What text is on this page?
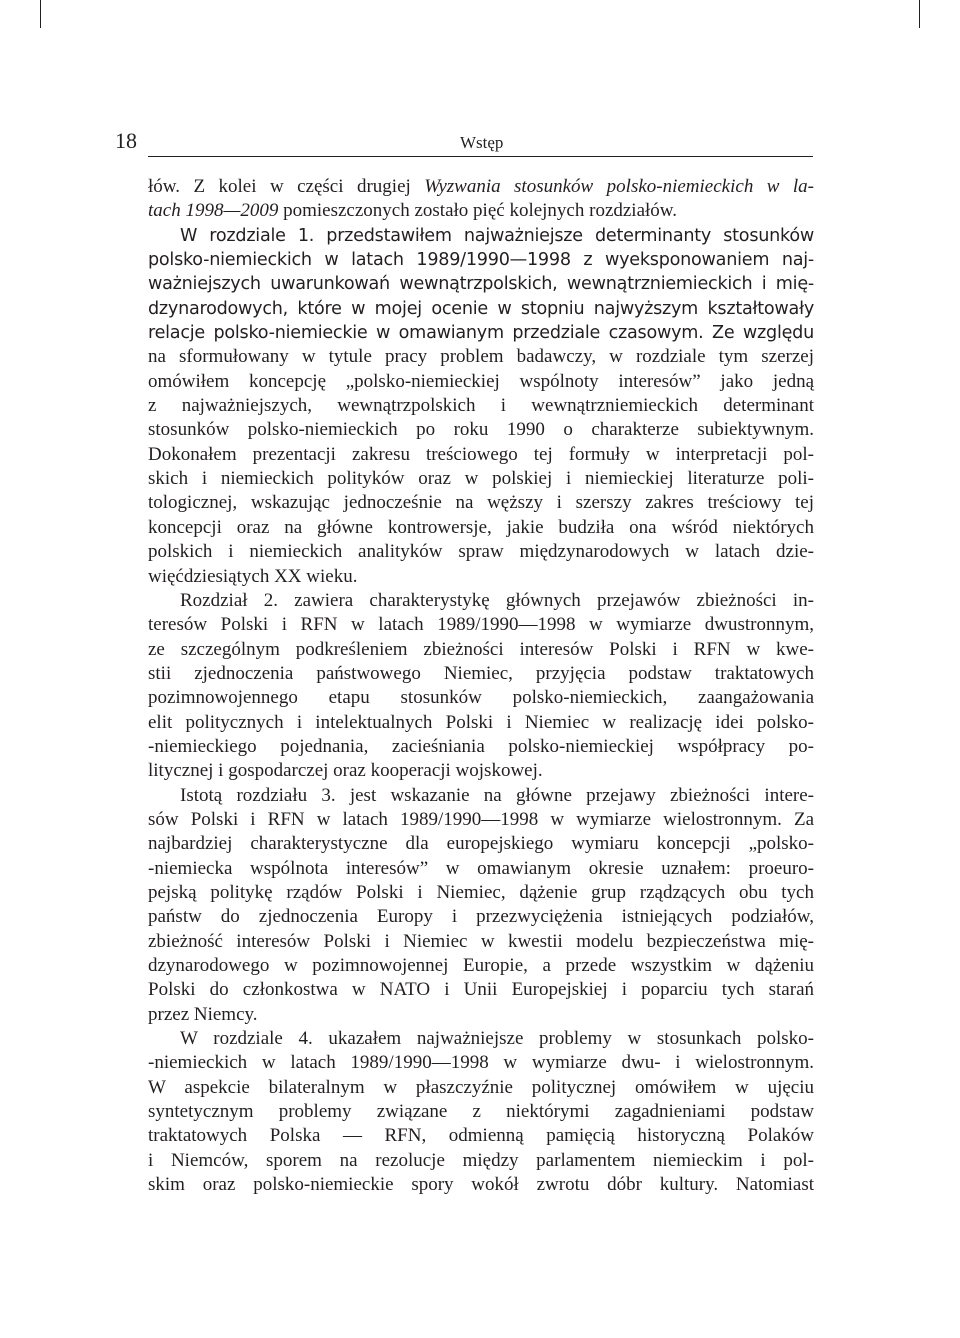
18	Wstęp
łów. Z kolei w części drugiej Wyzwania stosunków polsko-niemieckich w la-
tach 1998—2009 pomieszczonych zostało pięć kolejnych rozdziałów.
W rozdziale 1. przedstawiłem najważniejsze determinanty stosunków
polsko-niemieckich w latach 1989/1990—1998 z wyeksponowaniem naj-
ważniejszych uwarunkowań wewnątrzpolskich, wewnątrzniemieckich i mię-
dzynarodowych, które w mojej ocenie w stopniu najwyższym kształtowały
relacje polsko-niemieckie w omawianym przedziale czasowym. Ze względu
na sformułowany w tytule pracy problem badawczy, w rozdziale tym szerzej
omówiłem koncepcję „polsko-niemieckiej wspólnoty interesów” jako jedną
z najważniejszych, wewnątrzpolskich i wewnątrzniemieckich determinant
stosunków polsko-niemieckich po roku 1990 o charakterze subiektywnym.
Dokonałem prezentacji zakresu treściowego tej formuły w interpretacji pol-
skich i niemieckich polityków oraz w polskiej i niemieckiej literaturze poli-
tologicznej, wskazując jednocześnie na węższy i szerszy zakres treściowy tej
koncepcji oraz na główne kontrowersje, jakie budziła ona wśród niektórych
polskich i niemieckich analityków spraw międzynarodowych w latach dzie-
więćdziesiątych XX wieku.
Rozdział 2. zawiera charakterystykę głównych przejawów zbieżności in-
teresów Polski i RFN w latach 1989/1990—1998 w wymiarze dwustronnym,
ze szczególnym podkreśleniem zbieżności interesów Polski i RFN w kwe-
stii zjednoczenia państwowego Niemiec, przyjęcia podstaw traktatowych
pozimnowojennego etapu stosunków polsko-niemieckich, zaangażowania
elit politycznych i intelektualnych Polski i Niemiec w realizację idei polsko-
-niemieckiego pojednania, zacieśniania polsko-niemieckiej współpracy po-
litycznej i gospodarczej oraz kooperacji wojskowej.
Istotą rozdziału 3. jest wskazanie na główne przejawy zbieżności intere-
sów Polski i RFN w latach 1989/1990—1998 w wymiarze wielostronnym. Za
najbardziej charakterystyczne dla europejskiego wymiaru koncepcji „polsko-
-niemiecka wspólnota interesów” w omawianym okresie uznałem: proeuro-
pejską politykę rządów Polski i Niemiec, dążenie grup rządzących obu tych
państw do zjednoczenia Europy i przezwyciężenia istniejących podziałów,
zbieżność interesów Polski i Niemiec w kwestii modelu bezpieczeństwa mię-
dzynarodowego w pozimnowojennej Europie, a przede wszystkim w dążeniu
Polski do członkostwa w NATO i Unii Europejskiej i poparciu tych starań
przez Niemcy.
W rozdziale 4. ukazałem najważniejsze problemy w stosunkach polsko-
-niemieckich w latach 1989/1990—1998 w wymiarze dwu- i wielostronnym.
W aspekcie bilateralnym w płaszczyźnie politycznej omówiłem w ujęciu
syntetycznym problemy związane z niektórymi zagadnieniami podstaw
traktatowych Polska — RFN, odmienną pamięcią historyczną Polaków
i Niemców, sporem na rezolucje między parlamentem niemieckim i pol-
skim oraz polsko-niemieckie spory wokół zwrotu dóbr kultury. Natomiast
